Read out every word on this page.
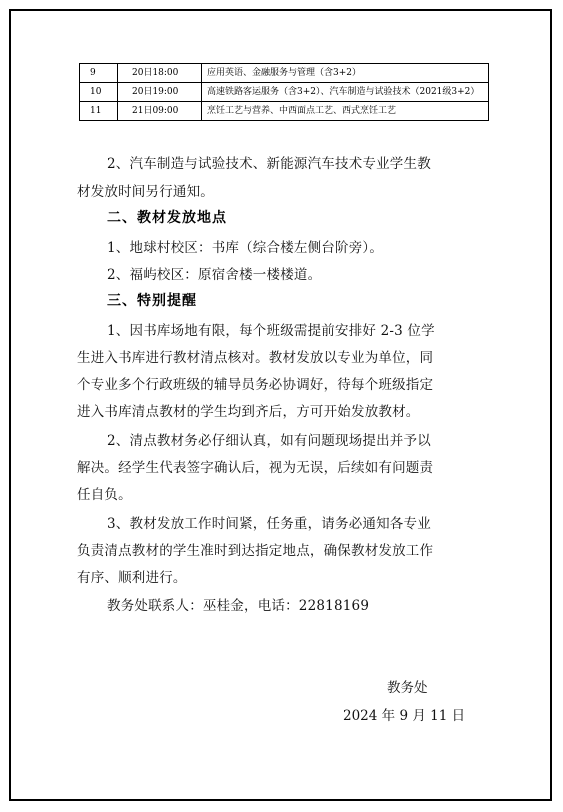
9	20日18:00	应用英语、金融服务与管理（含3+2）
10	20日19:00	高速铁路客运服务（含3+2）、汽车制造与试验技术（2021级3+2）
11	21日09:00	烹饪工艺与营养、中西面点工艺、西式烹饪工艺
2、汽车制造与试验技术、新能源汽车技术专业学生教
材发放时间另行通知。
二、教材发放地点
1、地球村校区：书库（综合楼左侧台阶旁）。
2、福屿校区：原宿舍楼一楼楼道。
三、特别提醒
1、因书库场地有限，每个班级需提前安排好 2-3 位学
生进入书库进行教材清点核对。教材发放以专业为单位，同
个专业多个行政班级的辅导员务必协调好，待每个班级指定
进入书库清点教材的学生均到齐后，方可开始发放教材。
2、清点教材务必仔细认真，如有问题现场提出并予以
解决。经学生代表签字确认后，视为无误，后续如有问题责
任自负。
3、教材发放工作时间紧，任务重，请务必通知各专业
负责清点教材的学生准时到达指定地点，确保教材发放工作
有序、顺利进行。
教务处联系人：巫桂金，电话：22818169
教务处
2024 年 9 月 11 日
